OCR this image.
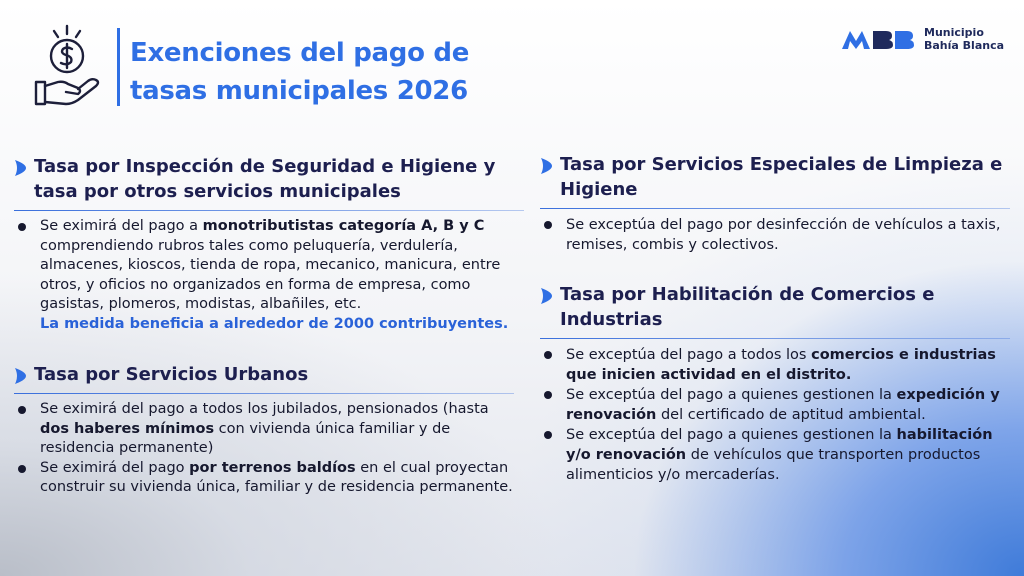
Exenciones del pago de tasas municipales 2026
Municipio
Bahía Blanca
Tasa por Inspección de Seguridad e Higiene y tasa por otros servicios municipales
Se eximirá del pago a monotributistas categoría A, B y C comprendiendo rubros tales como peluquería, verdulería, almacenes, kioscos, tienda de ropa, mecanico, manicura, entre otros, y oficios no organizados en forma de empresa, como gasistas, plomeros, modistas, albañiles, etc.
La medida beneficia a alrededor de 2000 contribuyentes.
Tasa por Servicios Urbanos
Se eximirá del pago a todos los jubilados, pensionados (hasta dos haberes mínimos con vivienda única familiar y de residencia permanente)
Se eximirá del pago por terrenos baldíos en el cual proyectan construir su vivienda única, familiar y de residencia permanente.
Tasa por Servicios Especiales de Limpieza e Higiene
Se exceptúa del pago por desinfección de vehículos a taxis, remises, combis y colectivos.
Tasa por Habilitación de Comercios e Industrias
Se exceptúa del pago a todos los comercios e industrias que inicien actividad en el distrito.
Se exceptúa del pago a quienes gestionen la expedición y renovación del certificado de aptitud ambiental.
Se exceptúa del pago a quienes gestionen la habilitación y/o renovación de vehículos que transporten productos alimenticios y/o mercaderías.
